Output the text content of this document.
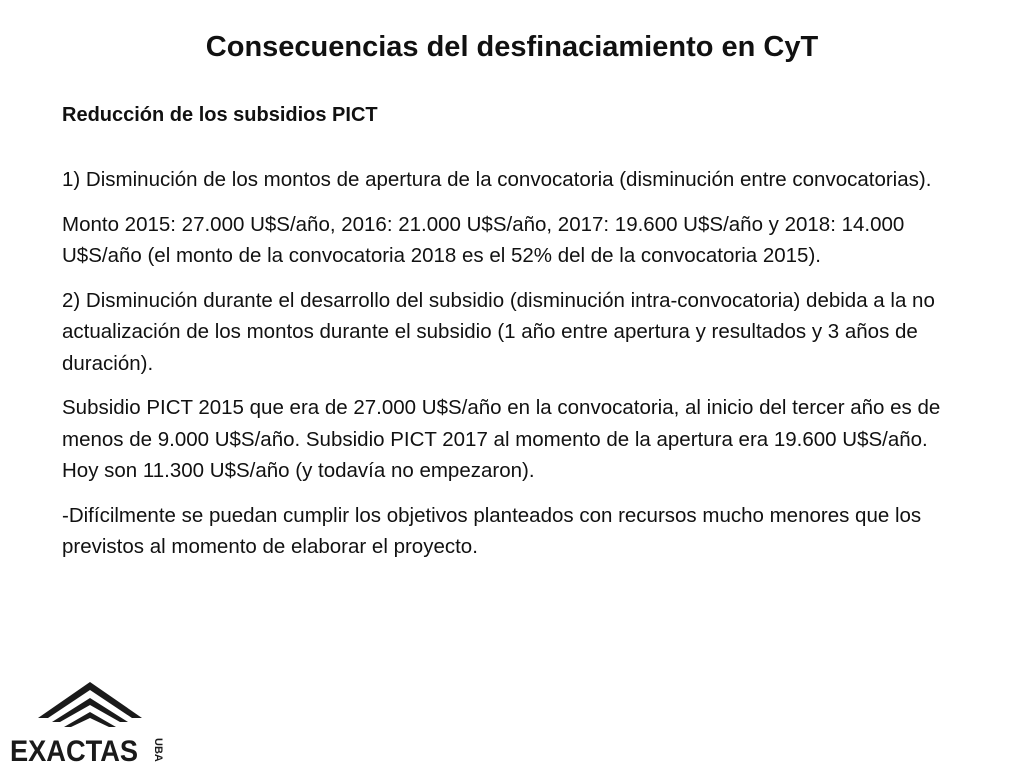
Consecuencias del desfinaciamiento en CyT

Reducción de los subsidios PICT

1) Disminución de los montos de apertura de la convocatoria (disminución entre convocatorias).

Monto 2015: 27.000 U$S/año, 2016: 21.000 U$S/año, 2017: 19.600 U$S/año y 2018: 14.000 U$S/año (el monto de la convocatoria 2018 es el 52% del de la convocatoria 2015).

2) Disminución durante el desarrollo del subsidio (disminución intra-convocatoria) debida a la no actualización de los montos durante el subsidio (1 año entre apertura y resultados y 3 años de duración).

Subsidio PICT 2015 que era de 27.000 U$S/año en la convocatoria, al inicio del tercer año es de menos de 9.000 U$S/año. Subsidio PICT 2017 al momento de la apertura era 19.600 U$S/año. Hoy son 11.300 U$S/año (y todavía no empezaron).

-Difícilmente se puedan cumplir los objetivos planteados con recursos mucho menores que los previstos al momento de elaborar el proyecto.

EXACTAS UBA
